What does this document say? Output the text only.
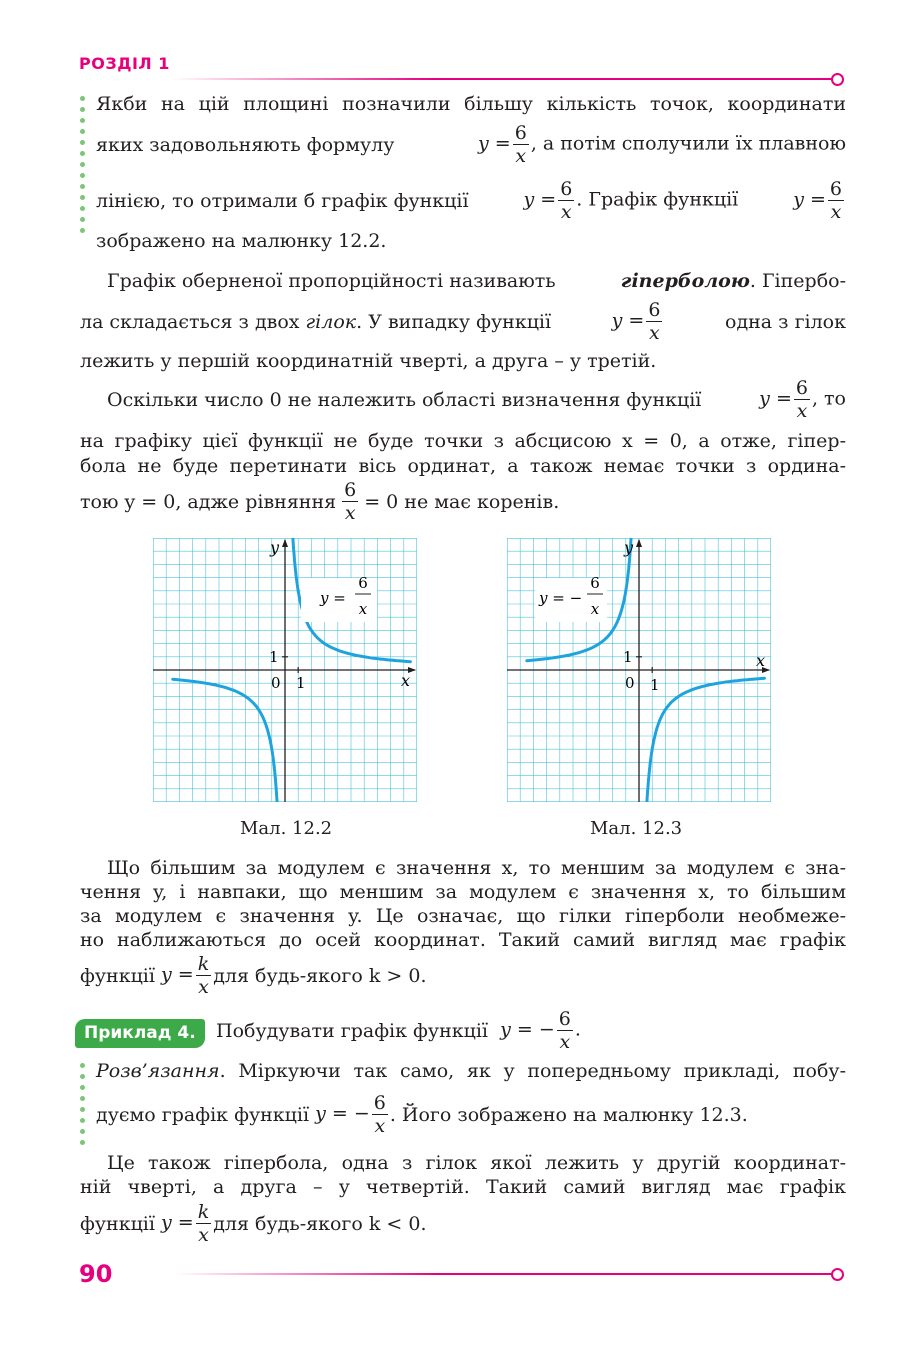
РОЗДІЛ 1
Якби на цій площині позначили більшу кількість точок, координати
яких задовольняють формулу	$y = \frac{6}{x}$ , а потім сполучили їх плавною
лінією, то отримали б графік функції	$y = \frac{6}{x}$ . Графік функції	$y = \frac{6}{x}$
зображено на малюнку 12.2.
Графік оберненої пропорційності називають	гіперболою. Гіпербо-
ла складається з двох гілок. У випадку функції	$y = \frac{6}{x}$	одна з гілок
лежить у першій координатній чверті, а друга – у третій.
Оскільки число 0 не належить області визначення функції	$y = \frac{6}{x}$ , то
на графіку цієї функції не буде точки з абсцисою x = 0, а отже, гіпер-
бола не буде перетинати вісь ординат, а також немає точки з ордина-
тою y = 0, адже рівняння $\frac{6}{x} = 0$ не має коренів.
y =
6
x
y
x
0 1
1
Мал. 12.2
y = −
6
x
y
x
0 1
1
Мал. 12.3
Що більшим за модулем є значення x, то меншим за модулем є зна-
чення y, і навпаки, що меншим за модулем є значення x, то більшим
за модулем є значення y. Це означає, що гілки гіперболи необмеже-
но наближаються до осей координат. Такий самий вигляд має графік
функції
$y = \frac{k}{x}$ для будь-якого k > 0.
Приклад 4.	Побудувати графік функції
y = − $\frac{6}{x}$ .
Розв’язання . Міркуючи так само, як у попередньому прикладі, побу-
дуємо графік функції
y = − $\frac{6}{x}$ . Його зображено на малюнку 12.3.
Це також гіпербола, одна з гілок якої лежить у другій координат-
ній чверті, а друга – у четвертій. Такий самий вигляд має графік
функції
$y = \frac{k}{x}$ для будь-якого k < 0.
90
